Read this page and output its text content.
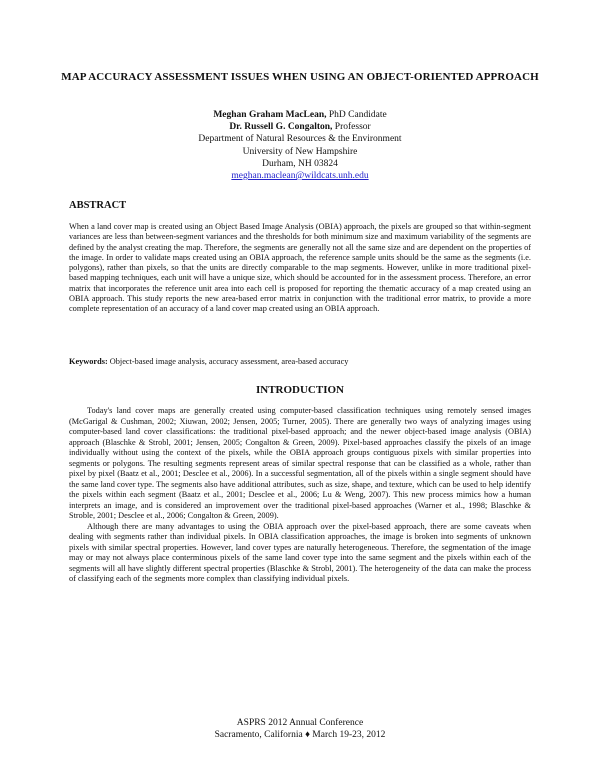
MAP ACCURACY ASSESSMENT ISSUES WHEN USING AN OBJECT-ORIENTED APPROACH
Meghan Graham MacLean, PhD Candidate
Dr. Russell G. Congalton, Professor
Department of Natural Resources & the Environment
University of New Hampshire
Durham, NH 03824
meghan.maclean@wildcats.unh.edu
ABSTRACT
When a land cover map is created using an Object Based Image Analysis (OBIA) approach, the pixels are grouped so that within-segment variances are less than between-segment variances and the thresholds for both minimum size and maximum variability of the segments are defined by the analyst creating the map. Therefore, the segments are generally not all the same size and are dependent on the properties of the image. In order to validate maps created using an OBIA approach, the reference sample units should be the same as the segments (i.e. polygons), rather than pixels, so that the units are directly comparable to the map segments. However, unlike in more traditional pixel-based mapping techniques, each unit will have a unique size, which should be accounted for in the assessment process. Therefore, an error matrix that incorporates the reference unit area into each cell is proposed for reporting the thematic accuracy of a map created using an OBIA approach. This study reports the new area-based error matrix in conjunction with the traditional error matrix, to provide a more complete representation of an accuracy of a land cover map created using an OBIA approach.
Keywords: Object-based image analysis, accuracy assessment, area-based accuracy
INTRODUCTION

Today's land cover maps are generally created using computer-based classification techniques using remotely sensed images (McGarigal & Cushman, 2002; Xiuwan, 2002; Jensen, 2005; Turner, 2005). There are generally two ways of analyzing images using computer-based land cover classifications: the traditional pixel-based approach; and the newer object-based image analysis (OBIA) approach (Blaschke & Strobl, 2001; Jensen, 2005; Congalton & Green, 2009). Pixel-based approaches classify the pixels of an image individually without using the context of the pixels, while the OBIA approach groups contiguous pixels with similar properties into segments or polygons. The resulting segments represent areas of similar spectral response that can be classified as a whole, rather than pixel by pixel (Baatz et al., 2001; Desclee et al., 2006). In a successful segmentation, all of the pixels within a single segment should have the same land cover type. The segments also have additional attributes, such as size, shape, and texture, which can be used to help identify the pixels within each segment (Baatz et al., 2001; Desclee et al., 2006; Lu & Weng, 2007). This new process mimics how a human interprets an image, and is considered an improvement over the traditional pixel-based approaches (Warner et al., 1998; Blaschke & Stroble, 2001; Desclee et al., 2006; Congalton & Green, 2009).

Although there are many advantages to using the OBIA approach over the pixel-based approach, there are some caveats when dealing with segments rather than individual pixels. In OBIA classification approaches, the image is broken into segments of unknown pixels with similar spectral properties. However, land cover types are naturally heterogeneous. Therefore, the segmentation of the image may or may not always place conterminous pixels of the same land cover type into the same segment and the pixels within each of the segments will all have slightly different spectral properties (Blaschke & Strobl, 2001). The heterogeneity of the data can make the process of classifying each of the segments more complex than classifying individual pixels.

ASPRS 2012 Annual Conference
Sacramento, California ♦ March 19-23, 2012
